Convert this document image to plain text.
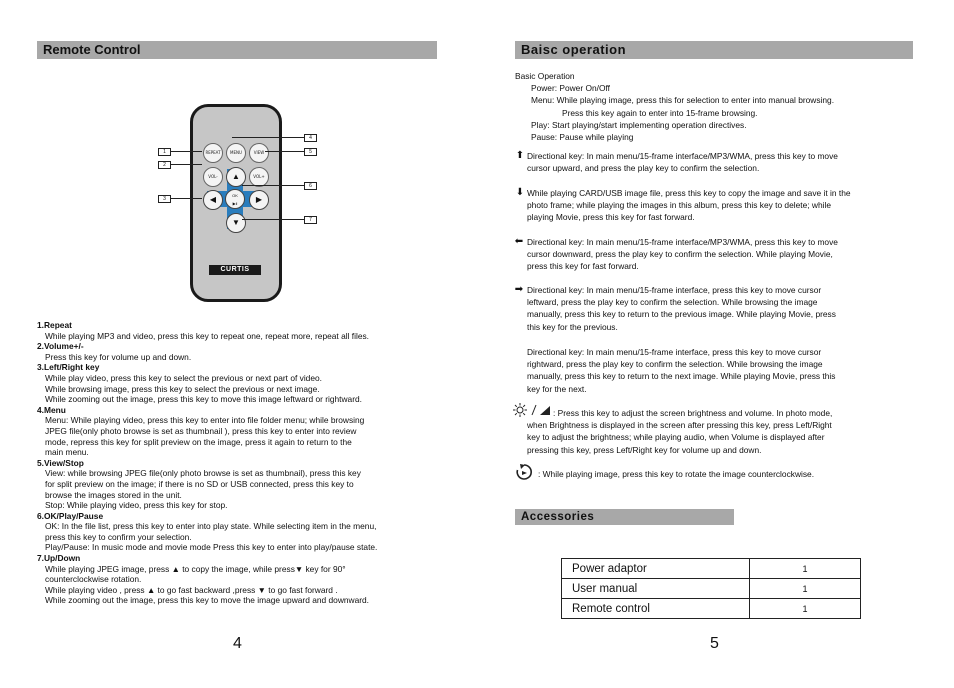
Remote Control
REPEAT	MENU	VIEW
VOL-	VOL+
▲
◀	OK
▶‖	▶
▼
CURTIS
1
2
3
4
5
6
7
1.Repeat
While playing MP3 and video, press this key to repeat one, repeat more, repeat all files.
2.Volume+/-
Press this key for volume up and down.
3.Left/Right key
While play video, press this key to select the previous or next part of video.
While browsing image, press this key to select the previous or next image.
While zooming out the image, press this key to move this image leftward or rightward.
4.Menu
Menu: While playing video, press this key to enter into file folder menu; while browsing
JPEG file(only photo browse is set as thumbnail ), press this key to enter into review
mode, repress this key for split preview on the image, press it again to return to the
main menu.
5.View/Stop
View: while browsing JPEG file(only photo browse is set as thumbnail), press this key
for split preview on the image; if there is no SD or USB connected, press this key to
browse the images stored in the unit.
Stop: While playing video, press this key for stop.
6.OK/Play/Pause
OK: In the file list, press this key to enter into play state. While selecting item in the menu,
press this key to confirm your selection.
Play/Pause: In music mode and movie mode Press this key to enter into play/pause state.
7.Up/Down
While playing JPEG image, press ▲ to copy the image, while press▼ key for 90°
counterclockwise rotation.
While playing video , press ▲ to go fast backward ,press ▼ to go fast forward .
While zooming out the image, press this key to move the image upward and downward.
4
Baisc operation
Basic Operation
Power: Power On/Off
Menu: While playing image, press this for selection to enter into manual browsing.
Press this key again to enter into 15-frame browsing.
Play: Start playing/start implementing operation directives.
Pause: Pause while playing
⬆ Directional key: In main menu/15-frame interface/MP3/WMA, press this key to move
cursor upward, and press the play key to confirm the selection.
⬇ While playing CARD/USB image file, press this key to copy the image and save it in the
photo frame; while playing the images in this album, press this key to delete; while
playing Movie, press this key for fast forward.
⬅ Directional key: In main menu/15-frame interface/MP3/WMA, press this key to move
cursor downward, press the play key to confirm the selection. While playing Movie,
press this key for fast forward.
➡ Directional key: In main menu/15-frame interface, press this key to move cursor
leftward, press the play key to confirm the selection. While browsing the image
manually, press this key to return to the previous image. While playing Movie, press
this key for the previous.
Directional key: In main menu/15-frame interface, press this key to move cursor
rightward, press the play key to confirm the selection. While browsing the image
manually, press this key to return to the next image. While playing Movie, press this
key for the next.
: Press this key to adjust the screen brightness and volume. In photo mode,
when Brightness is displayed in the screen after pressing this key, press Left/Right
key to adjust the brightness; while playing audio, when Volume is displayed after
pressing this key, press Left/Right key for volume up and down.
: While playing image, press this key to rotate the image counterclockwise.
Accessories
Power adaptor	1
User manual	1
Remote control	1
5
